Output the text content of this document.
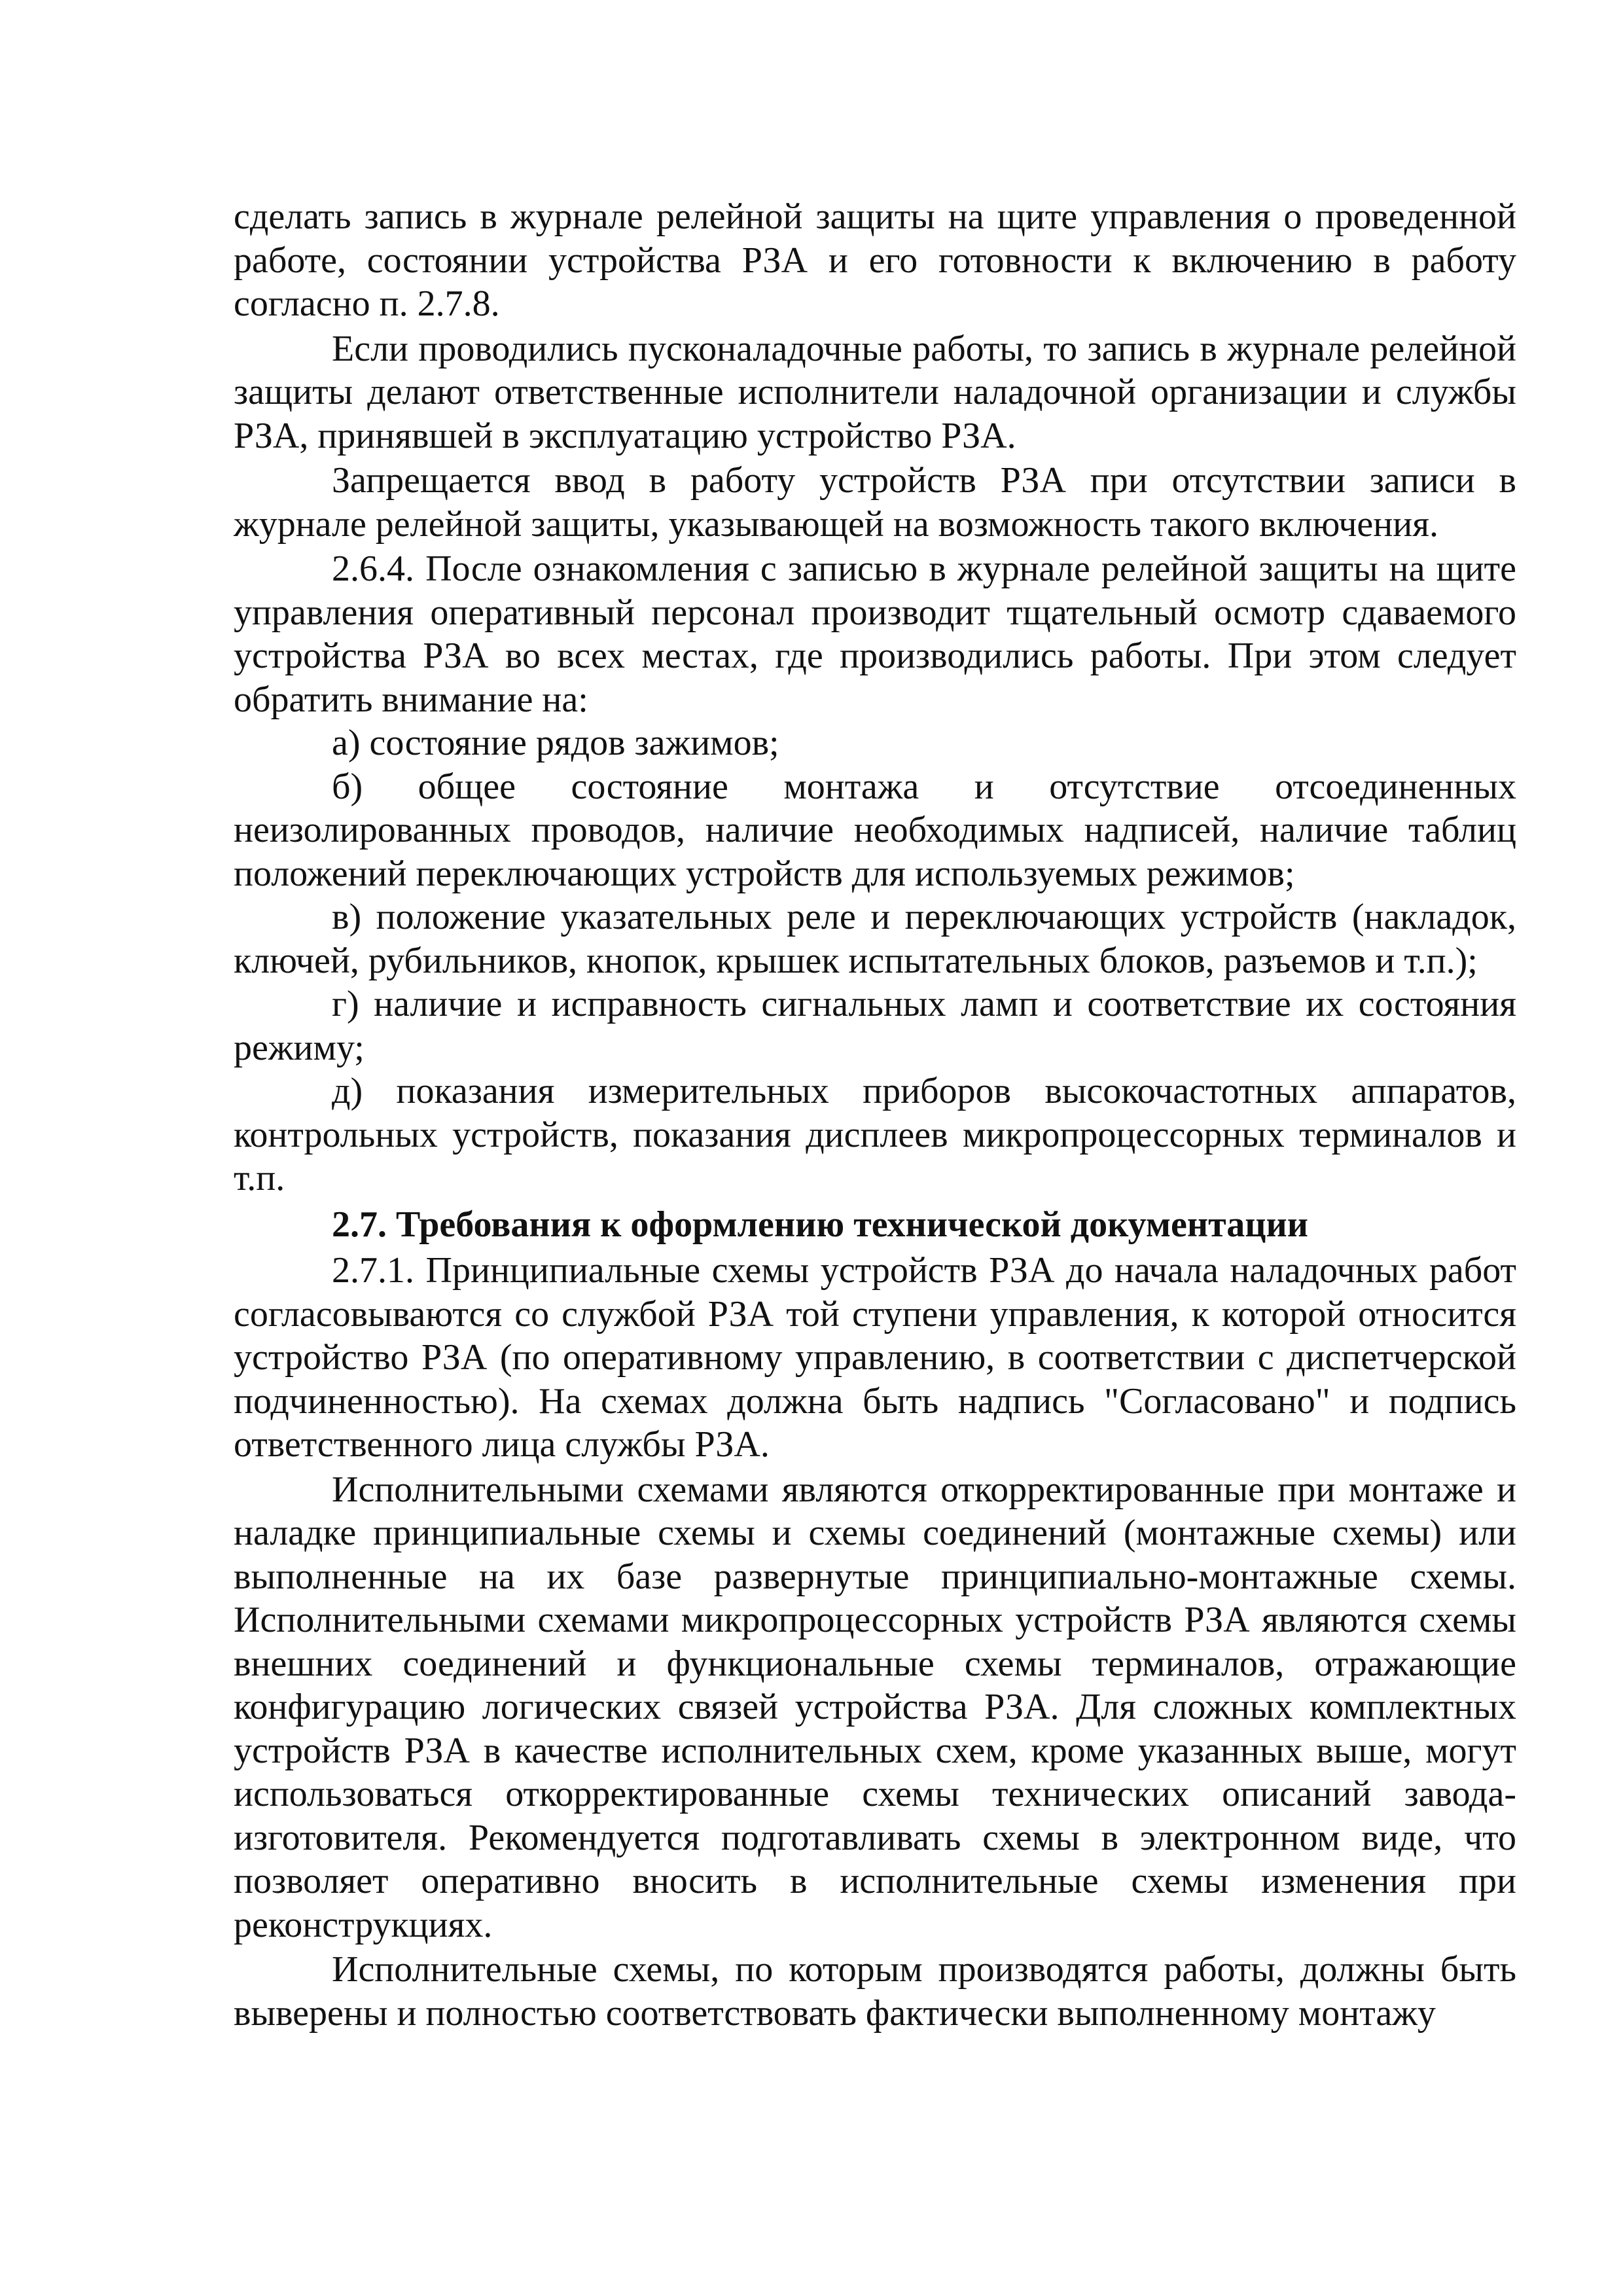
сделать запись в журнале релейной защиты на щите управления о проведенной работе, состоянии устройства РЗА и его готовности к включению в работу согласно п. 2.7.8.

Если проводились пусконаладочные работы, то запись в журнале релейной защиты делают ответственные исполнители наладочной организации и службы РЗА, принявшей в эксплуатацию устройство РЗА.

Запрещается ввод в работу устройств РЗА при отсутствии записи в журнале релейной защиты, указывающей на возможность такого включения.

2.6.4. После ознакомления с записью в журнале релейной защиты на щите управления оперативный персонал производит тщательный осмотр сдаваемого устройства РЗА во всех местах, где производились работы. При этом следует обратить внимание на:

а) состояние рядов зажимов;

б) общее состояние монтажа и отсутствие отсоединенных неизолированных проводов, наличие необходимых надписей, наличие таблиц положений переключающих устройств для используемых режимов;

в) положение указательных реле и переключающих устройств (накладок, ключей, рубильников, кнопок, крышек испытательных блоков, разъемов и т.п.);

г) наличие и исправность сигнальных ламп и соответствие их состояния режиму;

д) показания измерительных приборов высокочастотных аппаратов, контрольных устройств, показания дисплеев микропроцессорных терминалов и т.п.

2.7. Требования к оформлению технической документации

2.7.1. Принципиальные схемы устройств РЗА до начала наладочных работ согласовываются со службой РЗА той ступени управления, к которой относится устройство РЗА (по оперативному управлению, в соответствии с диспетчерской подчиненностью). На схемах должна быть надпись "Согласовано" и подпись ответственного лица службы РЗА.

Исполнительными схемами являются откорректированные при монтаже и наладке принципиальные схемы и схемы соединений (монтажные схемы) или выполненные на их базе развернутые принципиально-монтажные схемы. Исполнительными схемами микропроцессорных устройств РЗА являются схемы внешних соединений и функциональные схемы терминалов, отражающие конфигурацию логических связей устройства РЗА. Для сложных комплектных устройств РЗА в качестве исполнительных схем, кроме указанных выше, могут использоваться откорректированные схемы технических описаний завода-изготовителя. Рекомендуется подготавливать схемы в электронном виде, что позволяет оперативно вносить в исполнительные схемы изменения при реконструкциях.

Исполнительные схемы, по которым производятся работы, должны быть выверены и полностью соответствовать фактически выполненному монтажу
